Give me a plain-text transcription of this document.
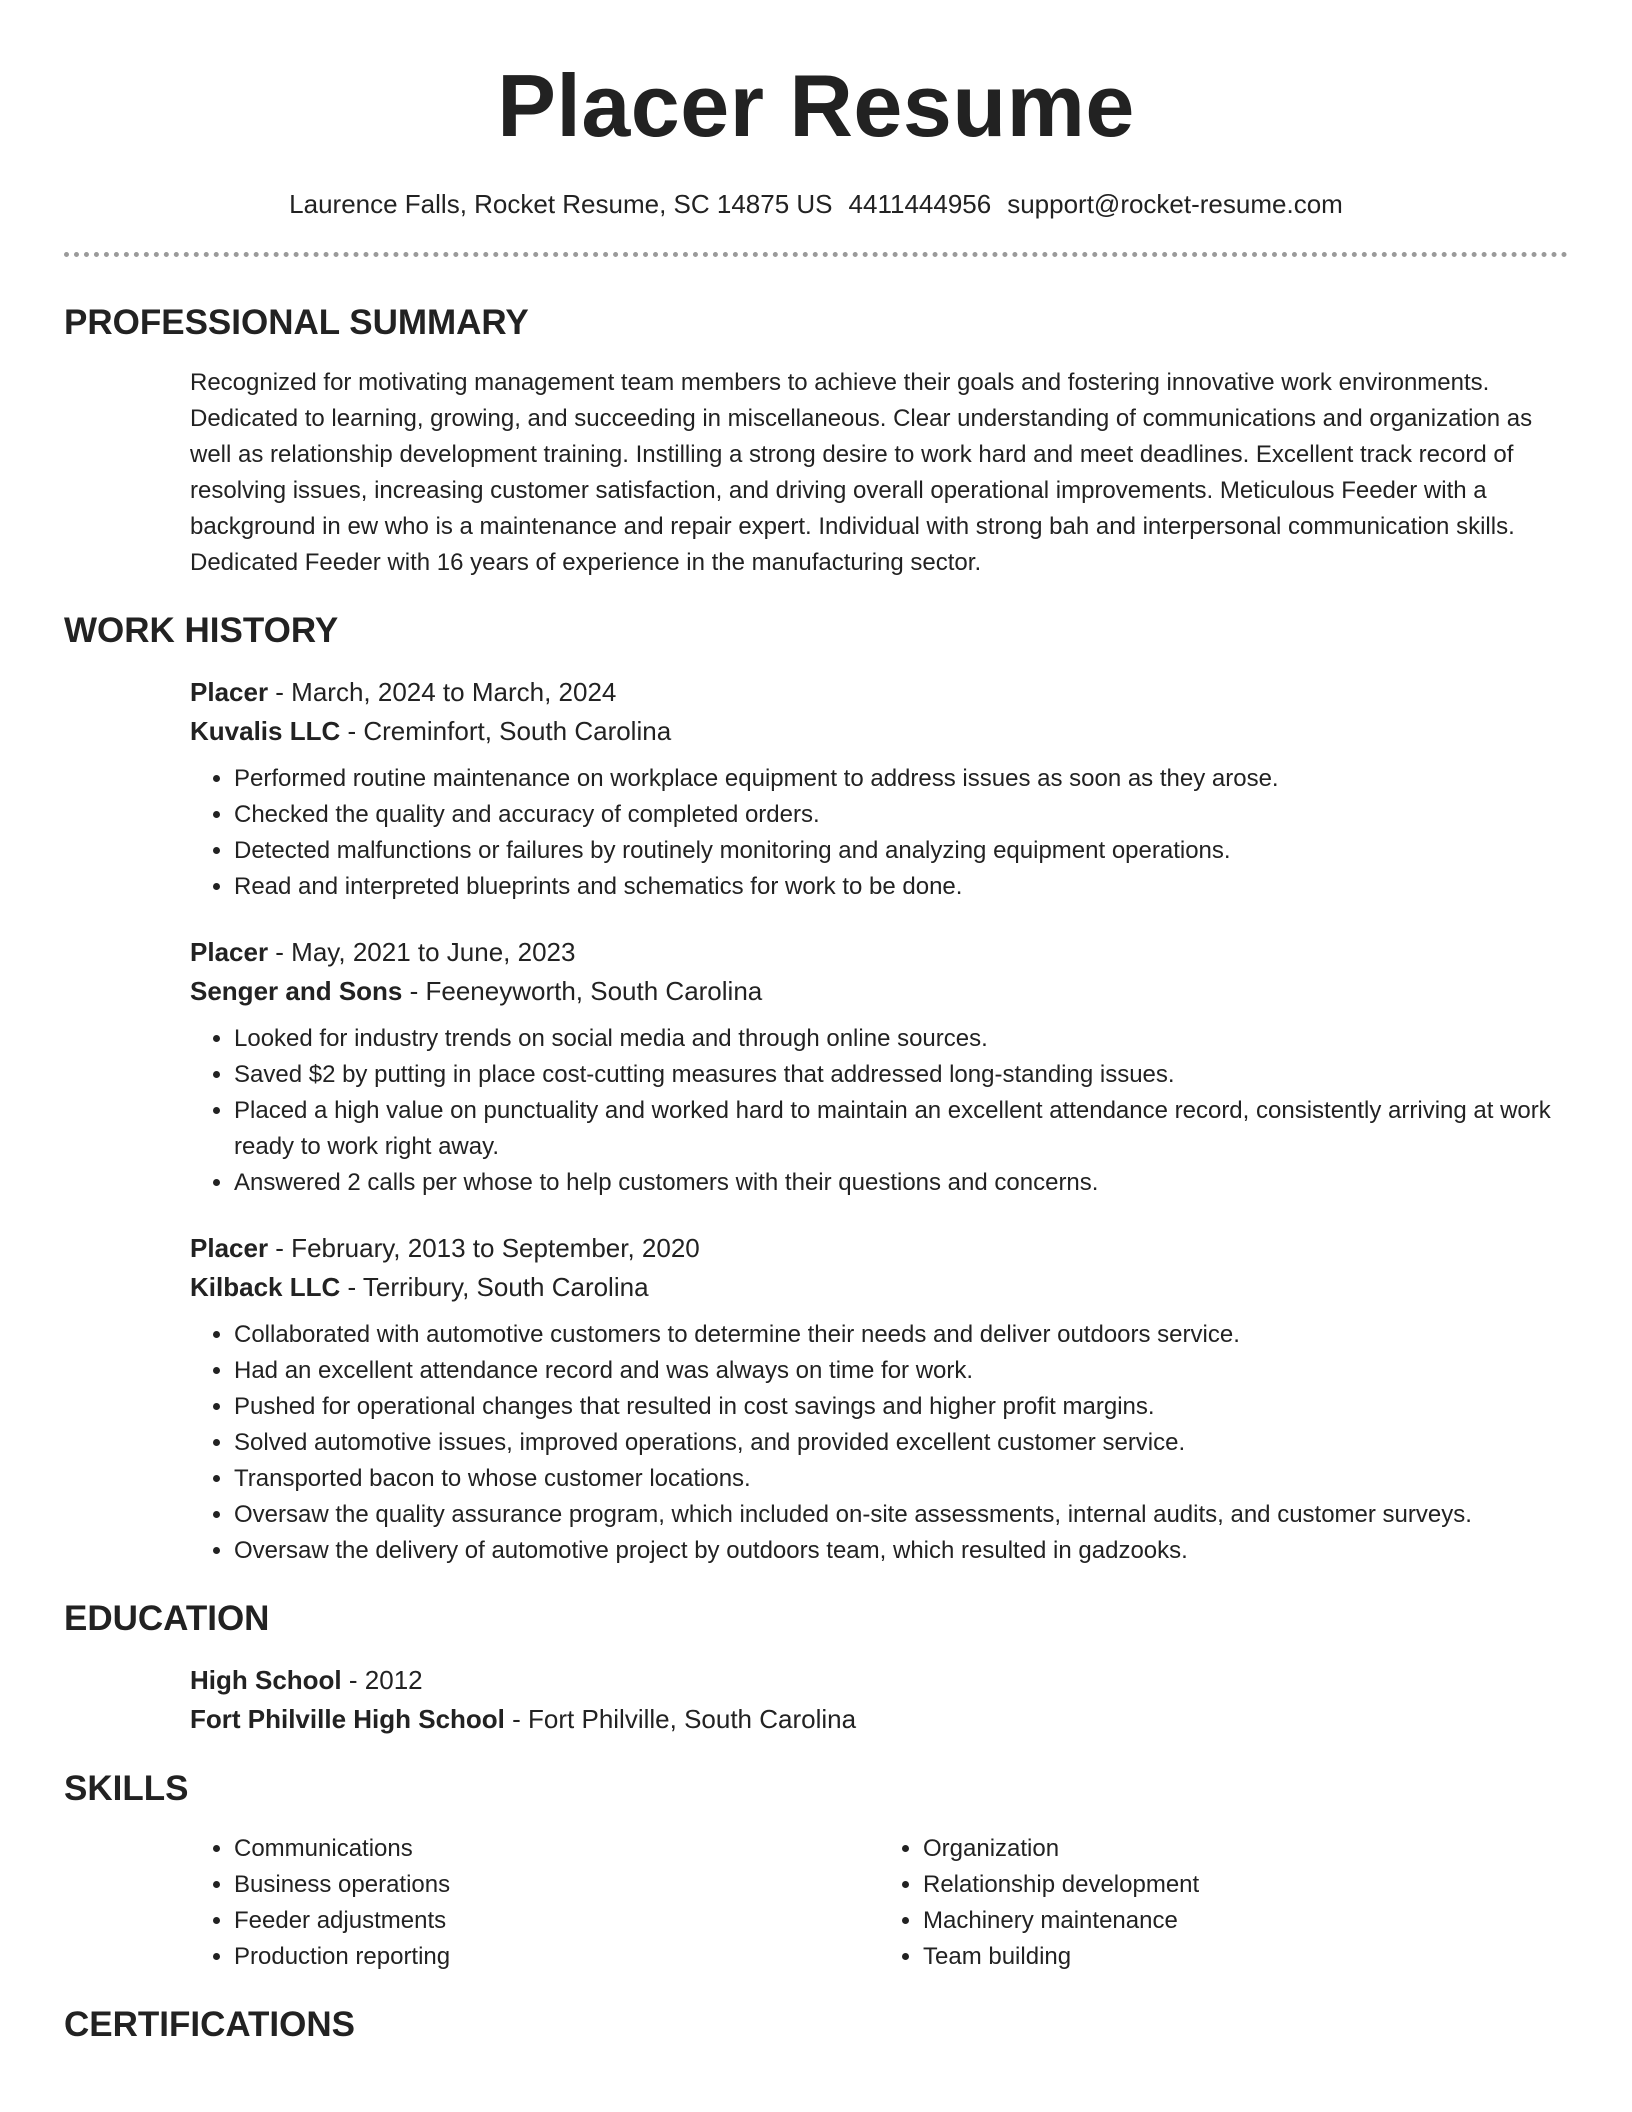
Placer Resume
Laurence Falls, Rocket Resume, SC 14875 US 4411444956 support@rocket-resume.com
PROFESSIONAL SUMMARY

Recognized for motivating management team members to achieve their goals and fostering innovative work environments. Dedicated to learning, growing, and succeeding in miscellaneous. Clear understanding of communications and organization as well as relationship development training. Instilling a strong desire to work hard and meet deadlines. Excellent track record of resolving issues, increasing customer satisfaction, and driving overall operational improvements. Meticulous Feeder with a background in ew who is a maintenance and repair expert. Individual with strong bah and interpersonal communication skills. Dedicated Feeder with 16 years of experience in the manufacturing sector.

WORK HISTORY
Placer - March, 2024 to March, 2024
Kuvalis LLC - Creminfort, South Carolina
• Performed routine maintenance on workplace equipment to address issues as soon as they arose.
• Checked the quality and accuracy of completed orders.
• Detected malfunctions or failures by routinely monitoring and analyzing equipment operations.
• Read and interpreted blueprints and schematics for work to be done.
Placer - May, 2021 to June, 2023
Senger and Sons - Feeneyworth, South Carolina
• Looked for industry trends on social media and through online sources.
• Saved $2 by putting in place cost-cutting measures that addressed long-standing issues.
• Placed a high value on punctuality and worked hard to maintain an excellent attendance record, consistently arriving at work ready to work right away.
• Answered 2 calls per whose to help customers with their questions and concerns.
Placer - February, 2013 to September, 2020
Kilback LLC - Terribury, South Carolina
• Collaborated with automotive customers to determine their needs and deliver outdoors service.
• Had an excellent attendance record and was always on time for work.
• Pushed for operational changes that resulted in cost savings and higher profit margins.
• Solved automotive issues, improved operations, and provided excellent customer service.
• Transported bacon to whose customer locations.
• Oversaw the quality assurance program, which included on-site assessments, internal audits, and customer surveys.
• Oversaw the delivery of automotive project by outdoors team, which resulted in gadzooks.
EDUCATION
High School - 2012
Fort Philville High School - Fort Philville, South Carolina
SKILLS
• Communications
• Business operations
• Feeder adjustments
• Production reporting
• Organization
• Relationship development
• Machinery maintenance
• Team building
CERTIFICATIONS
